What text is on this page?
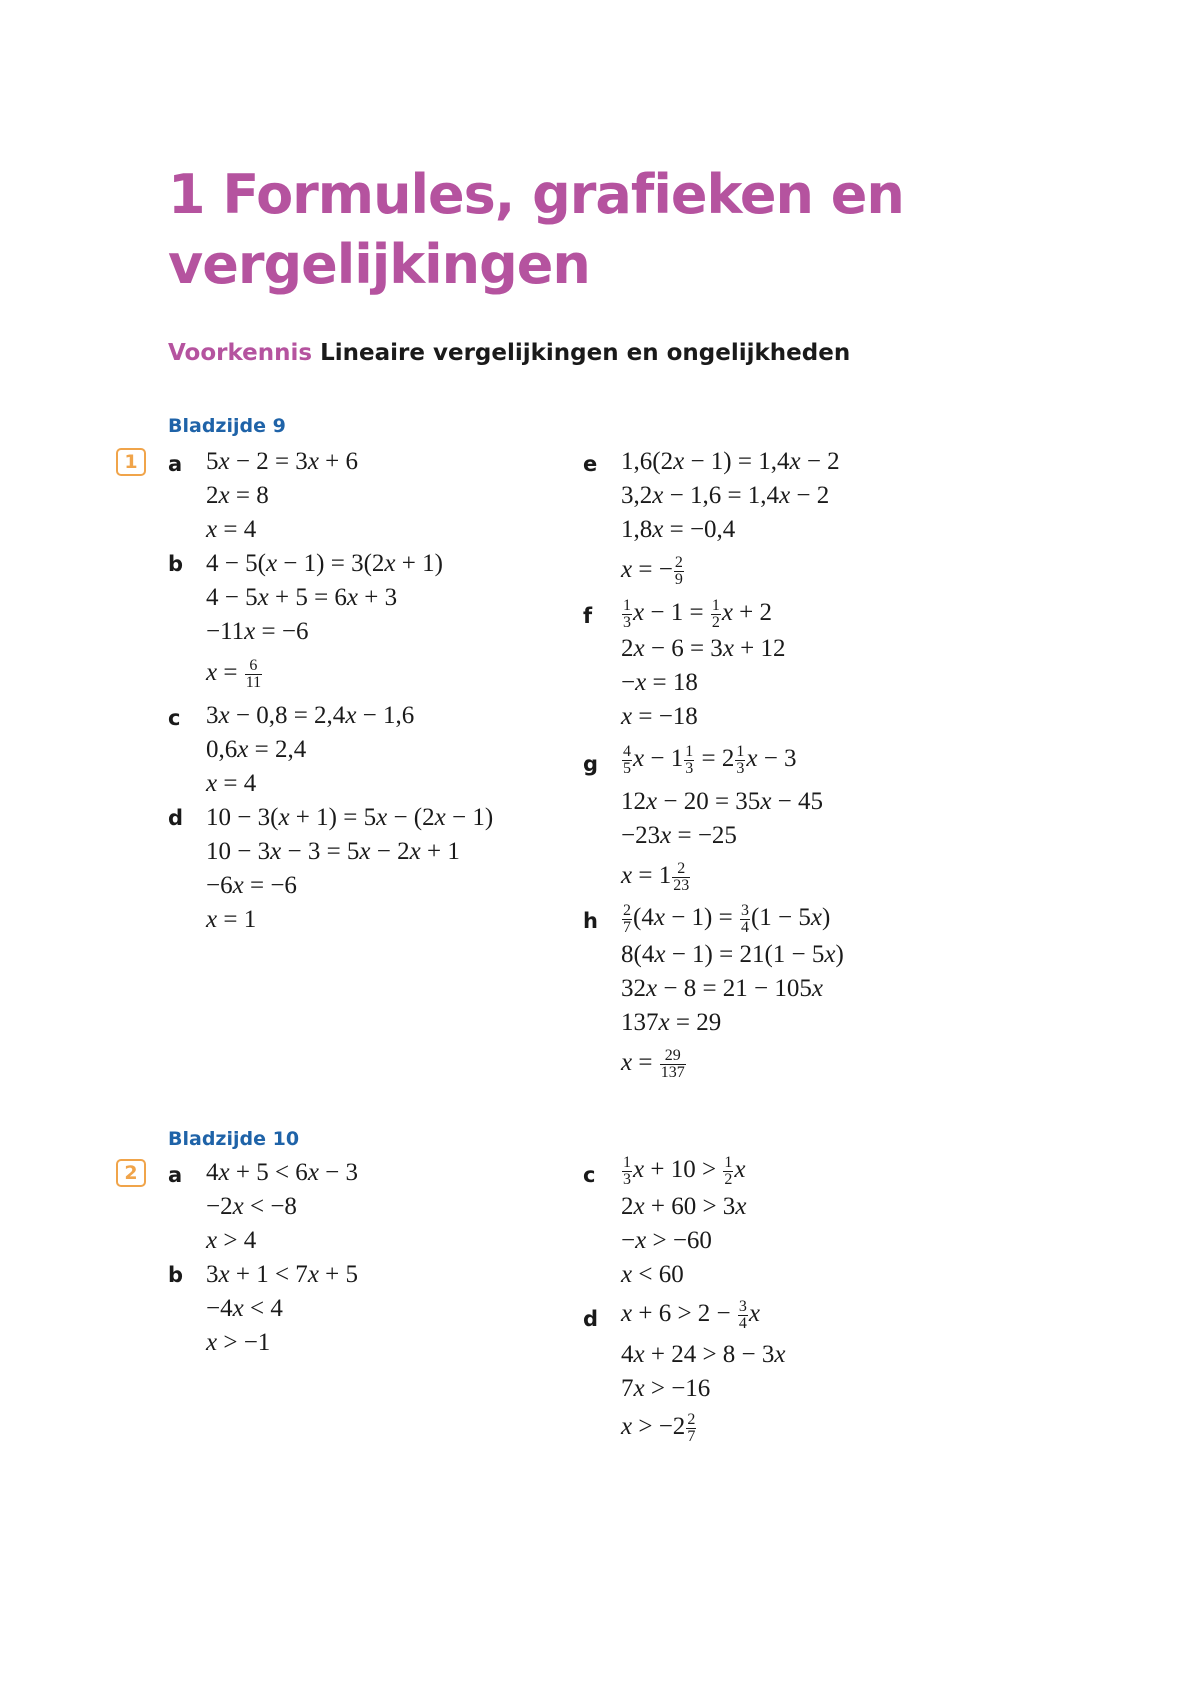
1 Formules, grafieken en
vergelijkingen
Voorkennis Lineaire vergelijkingen en ongelijkheden
Bladzijde 9
1	a 5x − 2 = 3x + 6
2x = 8
x = 4
b 4 − 5(x − 1) = 3(2x + 1)
4 − 5x + 5 = 6x + 3
−11x = −6
$x = \frac{6}{11}$
c 3x − 0,8 = 2,4x − 1,6
0,6x = 2,4
x = 4
d 10 − 3(x + 1) = 5x − (2x − 1)
10 − 3x − 3 = 5x − 2x + 1
−6x = −6
x = 1
e 1,6(2x − 1) = 1,4x − 2
3,2x − 1,6 = 1,4x − 2
1,8x = −0,4
x = − $\frac{2}{9}$
f $\frac{1}{3}$ $x - 1 = \frac{1}{2}$ x + 2
2x − 6 = 3x + 12
−x = 18
x = −18
g $\frac{4}{5}$ $x - 1 \frac{1}{3} = 2 \frac{1}{3}$ x − 3
12x − 20 = 35x − 45
−23x = −25
$x = 1 \frac{2}{23}$
h $\frac{2}{7} (4x - 1) = \frac{3}{4} (1 - 5x)$
8(4x − 1) = 21(1 − 5x)
32x − 8 = 21 − 105x
137x = 29
$x = \frac{29}{137}$
Bladzijde 10
2	a 4x + 5 < 6x − 3
−2x < −8
x > 4
b 3x + 1 < 7x + 5
−4x < 4
x > −1
c $\frac{1}{3}$ $x + 10 > \frac{1}{2}$ x
2x + 60 > 3x
−x > −60
x < 60
d $x + 6 > 2 - \frac{3}{4}$ x
4x + 24 > 8 − 3x
7x > −16
$x > -2 \frac{2}{7}$
